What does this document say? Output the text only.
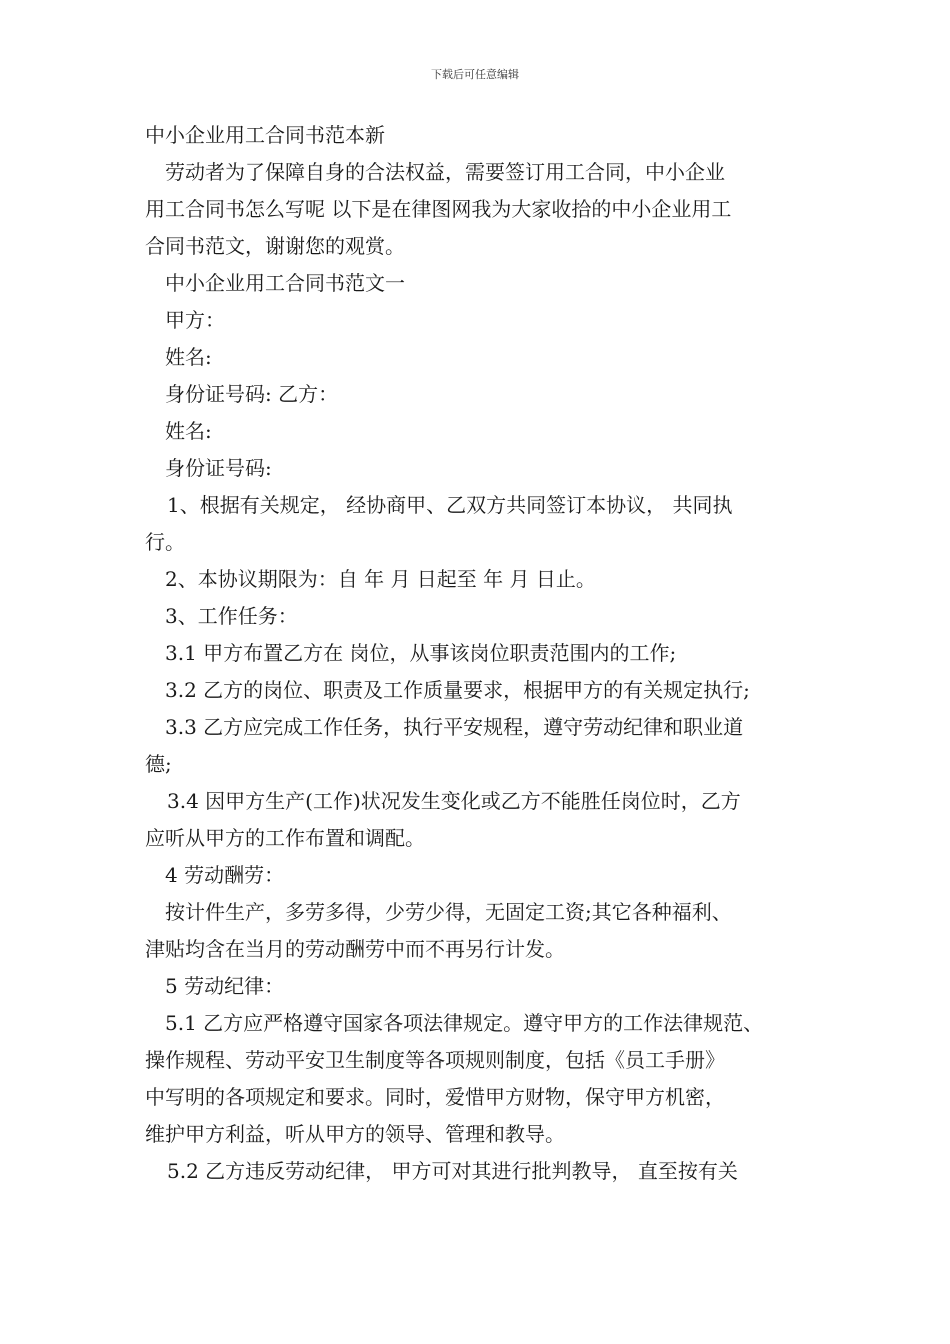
下载后可任意编辑
中小企业用工合同书范本新
劳动者为了保障自身的合法权益，需要签订用工合同，中小企业
用工合同书怎么写呢 以下是在律图网我为大家收拾的中小企业用工
合同书范文，谢谢您的观赏。
中小企业用工合同书范文一
甲方：
姓名:
身份证号码: 乙方：
姓名:
身份证号码:
1、根据有关规定， 经协商甲、乙双方共同签订本协议， 共同执
行。
2、本协议期限为：自 年 月 日起至 年 月 日止。
3、工作任务：
3.1 甲方布置乙方在 岗位，从事该岗位职责范围内的工作;
3.2 乙方的岗位、职责及工作质量要求，根据甲方的有关规定执行;
3.3 乙方应完成工作任务，执行平安规程，遵守劳动纪律和职业道
德;
3.4 因甲方生产(工作)状况发生变化或乙方不能胜任岗位时，乙方
应听从甲方的工作布置和调配。
4 劳动酬劳：
按计件生产，多劳多得，少劳少得，无固定工资;其它各种福利、
津贴均含在当月的劳动酬劳中而不再另行计发。
5 劳动纪律：
5.1 乙方应严格遵守国家各项法律规定。遵守甲方的工作法律规范、
操作规程、劳动平安卫生制度等各项规则制度，包括《员工手册》
中写明的各项规定和要求。同时，爱惜甲方财物，保守甲方机密，
维护甲方利益，听从甲方的领导、管理和教导。
5.2 乙方违反劳动纪律， 甲方可对其进行批判教导， 直至按有关
